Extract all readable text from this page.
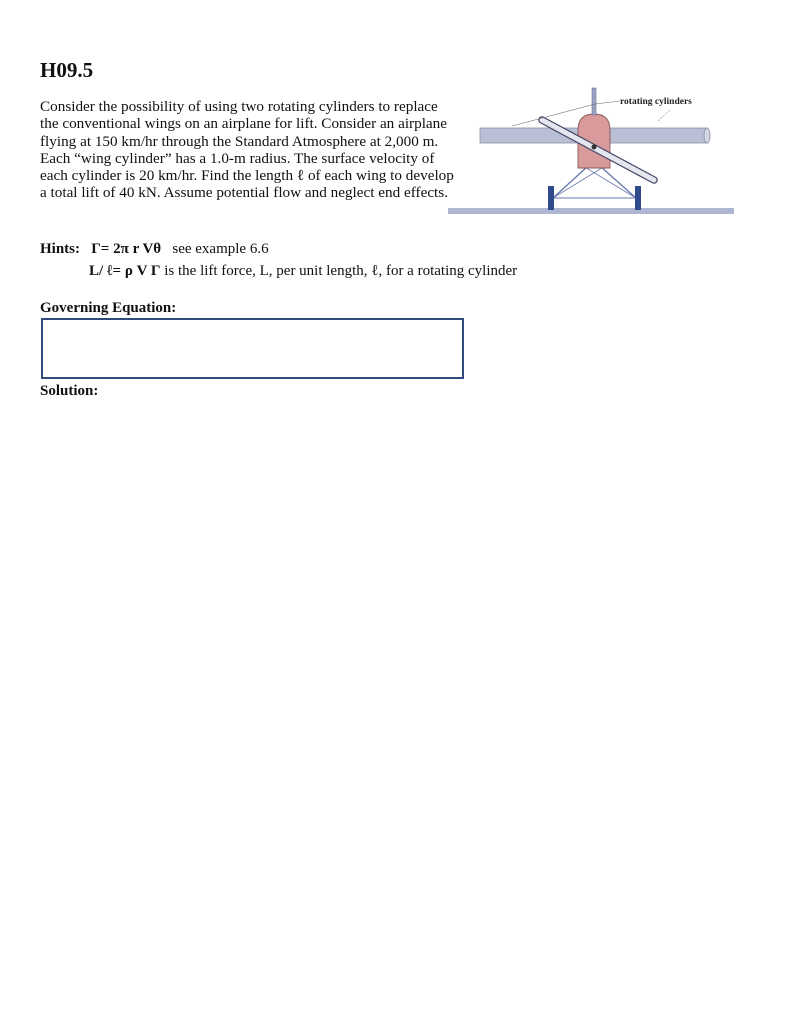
H09.5
Consider the possibility of using two rotating cylinders to replace the conventional wings on an airplane for lift. Consider an airplane flying at 150 km/hr through the Standard Atmosphere at 2,000 m. Each “wing cylinder” has a 1.0-m radius. The surface velocity of each cylinder is 20 km/hr. Find the length ℓ of each wing to develop a total lift of 40 kN. Assume potential flow and neglect end effects.
rotating cylinders
Hints: Γ= 2π r Vθ see example 6.6
L/ ℓ= ρ V Γ is the lift force, L, per unit length, ℓ, for a rotating cylinder
Governing Equation:
Solution:
